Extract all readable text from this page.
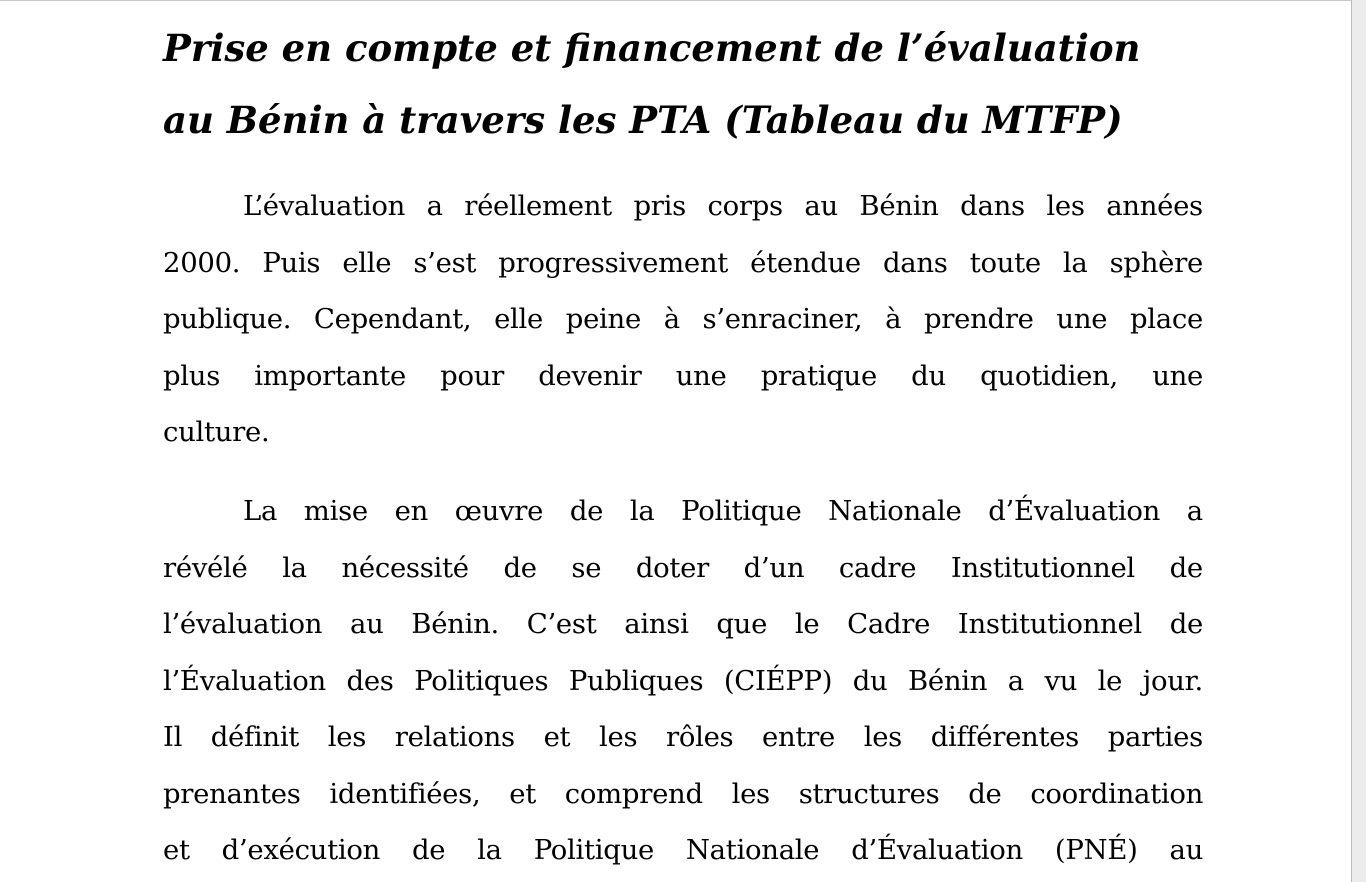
Prise en compte et financement de l’évaluation
au Bénin à travers les PTA (Tableau du MTFP)
L’évaluation a réellement pris corps au Bénin dans les années
2000. Puis elle s’est progressivement étendue dans toute la sphère
publique. Cependant, elle peine à s’enraciner, à prendre une place
plus importante pour devenir une pratique du quotidien, une
culture.
La mise en œuvre de la Politique Nationale d’Évaluation a
révélé la nécessité de se doter d’un cadre Institutionnel de
l’évaluation au Bénin. C’est ainsi que le Cadre Institutionnel de
l’Évaluation des Politiques Publiques (CIÉPP) du Bénin a vu le jour.
Il définit les relations et les rôles entre les différentes parties
prenantes identifiées, et comprend les structures de coordination
et d’exécution de la Politique Nationale d’Évaluation (PNÉ) au
